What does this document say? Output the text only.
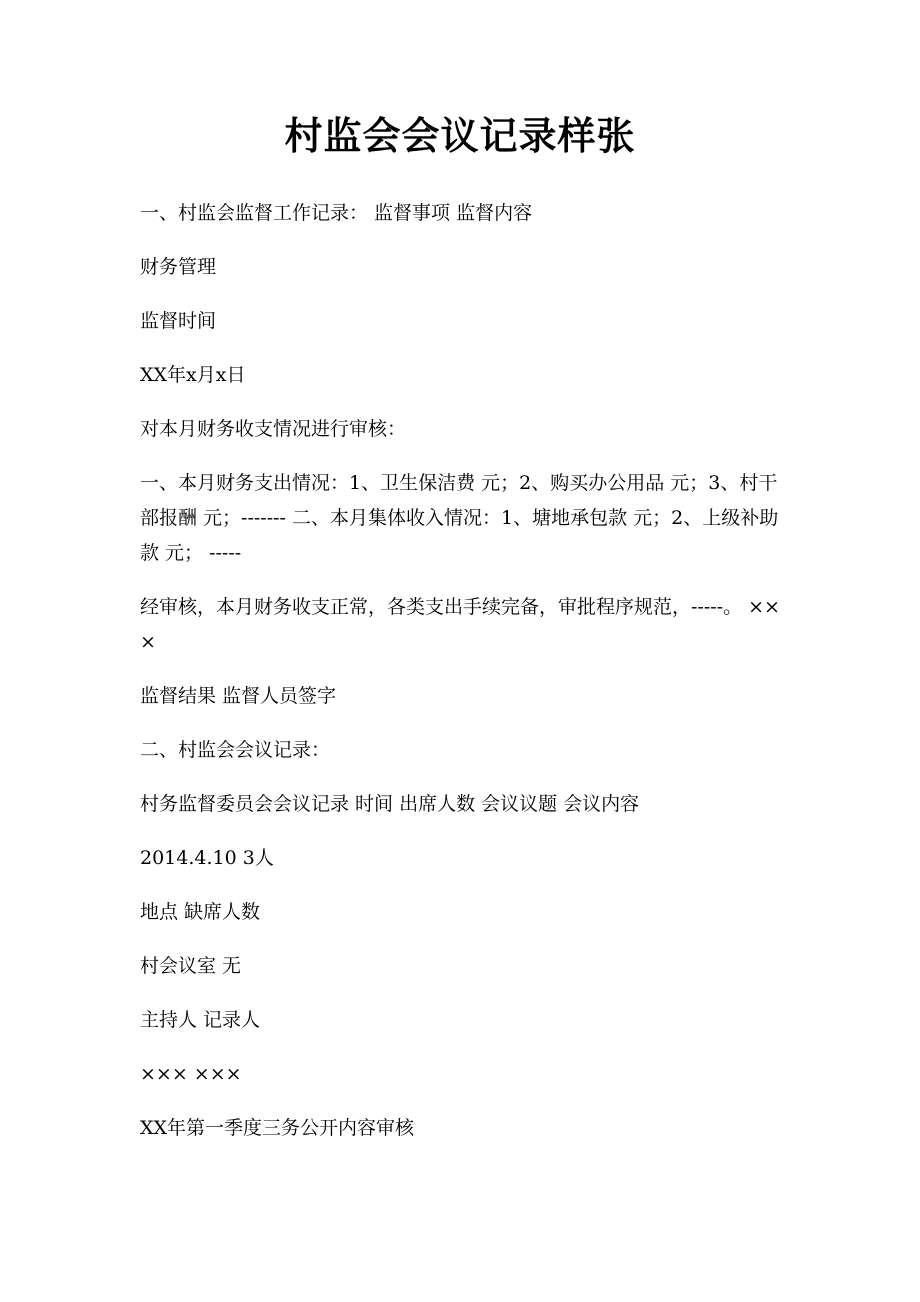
村监会会议记录样张

一、村监会监督工作记录： 监督事项 监督内容

财务管理

监督时间

XX年x月x日

对本月财务收支情况进行审核：

一、本月财务支出情况：1、卫生保洁费 元；2、购买办公用品 元；3、村干部报酬 元；------- 二、本月集体收入情况：1、塘地承包款 元；2、上级补助款 元； -----

经审核，本月财务收支正常，各类支出手续完备，审批程序规范，-----。 ×××

监督结果 监督人员签字

二、村监会会议记录：

村务监督委员会会议记录 时间 出席人数 会议议题 会议内容

2014.4.10 3人

地点 缺席人数

村会议室 无

主持人 记录人

××× ×××

XX年第一季度三务公开内容审核
